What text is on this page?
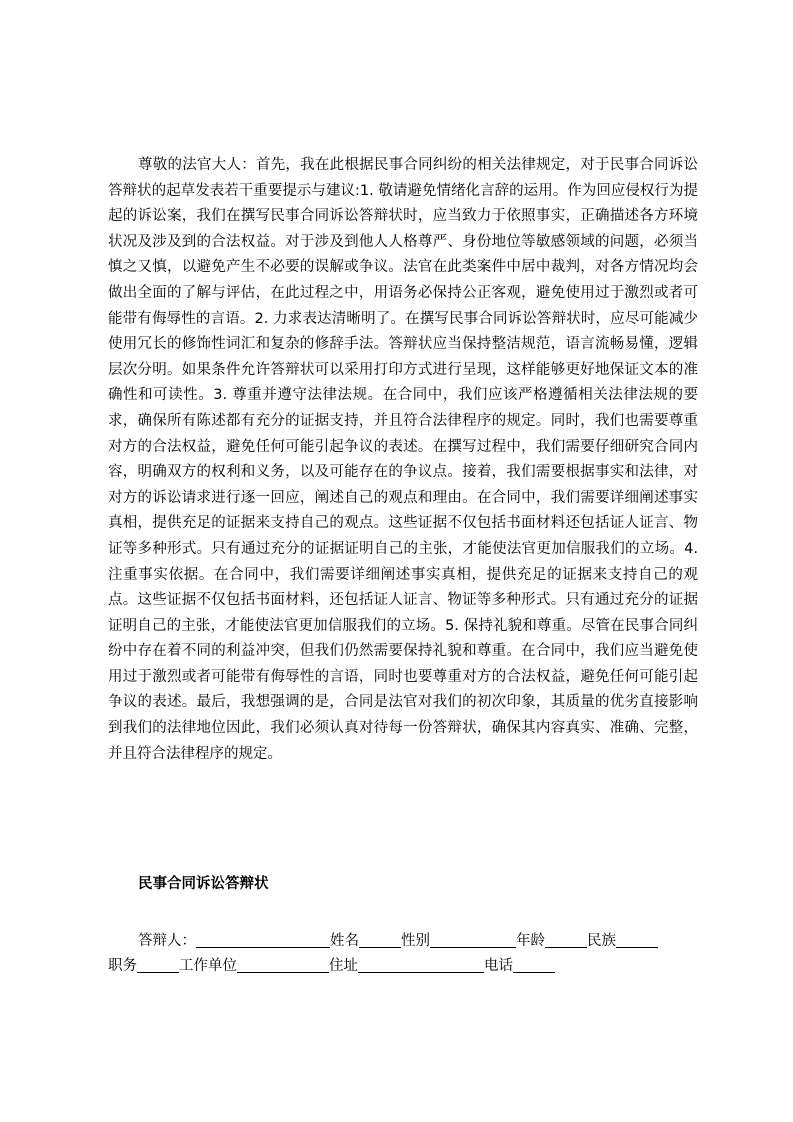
尊敬的法官大人：首先，我在此根据民事合同纠纷的相关法律规定，对于民事合同诉讼答辩状的起草发表若干重要提示与建议:1. 敬请避免情绪化言辞的运用。作为回应侵权行为提起的诉讼案，我们在撰写民事合同诉讼答辩状时，应当致力于依照事实，正确描述各方环境状况及涉及到的合法权益。对于涉及到他人人格尊严、身份地位等敏感领域的问题，必须当慎之又慎，以避免产生不必要的误解或争议。法官在此类案件中居中裁判，对各方情况均会做出全面的了解与评估，在此过程之中，用语务必保持公正客观，避免使用过于激烈或者可能带有侮辱性的言语。2. 力求表达清晰明了。在撰写民事合同诉讼答辩状时，应尽可能减少使用冗长的修饰性词汇和复杂的修辞手法。答辩状应当保持整洁规范，语言流畅易懂，逻辑层次分明。如果条件允许答辩状可以采用打印方式进行呈现，这样能够更好地保证文本的准确性和可读性。3. 尊重并遵守法律法规。在合同中，我们应该严格遵循相关法律法规的要求，确保所有陈述都有充分的证据支持，并且符合法律程序的规定。同时，我们也需要尊重对方的合法权益，避免任何可能引起争议的表述。在撰写过程中，我们需要仔细研究合同内容，明确双方的权利和义务，以及可能存在的争议点。接着，我们需要根据事实和法律，对对方的诉讼请求进行逐一回应，阐述自己的观点和理由。在合同中，我们需要详细阐述事实真相，提供充足的证据来支持自己的观点。这些证据不仅包括书面材料还包括证人证言、物证等多种形式。只有通过充分的证据证明自己的主张，才能使法官更加信服我们的立场。4. 注重事实依据。在合同中，我们需要详细阐述事实真相，提供充足的证据来支持自己的观点。这些证据不仅包括书面材料，还包括证人证言、物证等多种形式。只有通过充分的证据证明自己的主张，才能使法官更加信服我们的立场。5. 保持礼貌和尊重。尽管在民事合同纠纷中存在着不同的利益冲突，但我们仍然需要保持礼貌和尊重。在合同中，我们应当避免使用过于激烈或者可能带有侮辱性的言语，同时也要尊重对方的合法权益，避免任何可能引起争议的表述。最后，我想强调的是，合同是法官对我们的初次印象，其质量的优劣直接影响到我们的法律地位因此，我们必须认真对待每一份答辩状，确保其内容真实、准确、完整，并且符合法律程序的规定。

民事合同诉讼答辩状

答辩人：	姓名	性别	年龄	民族
职务	工作单位	住址	电话
